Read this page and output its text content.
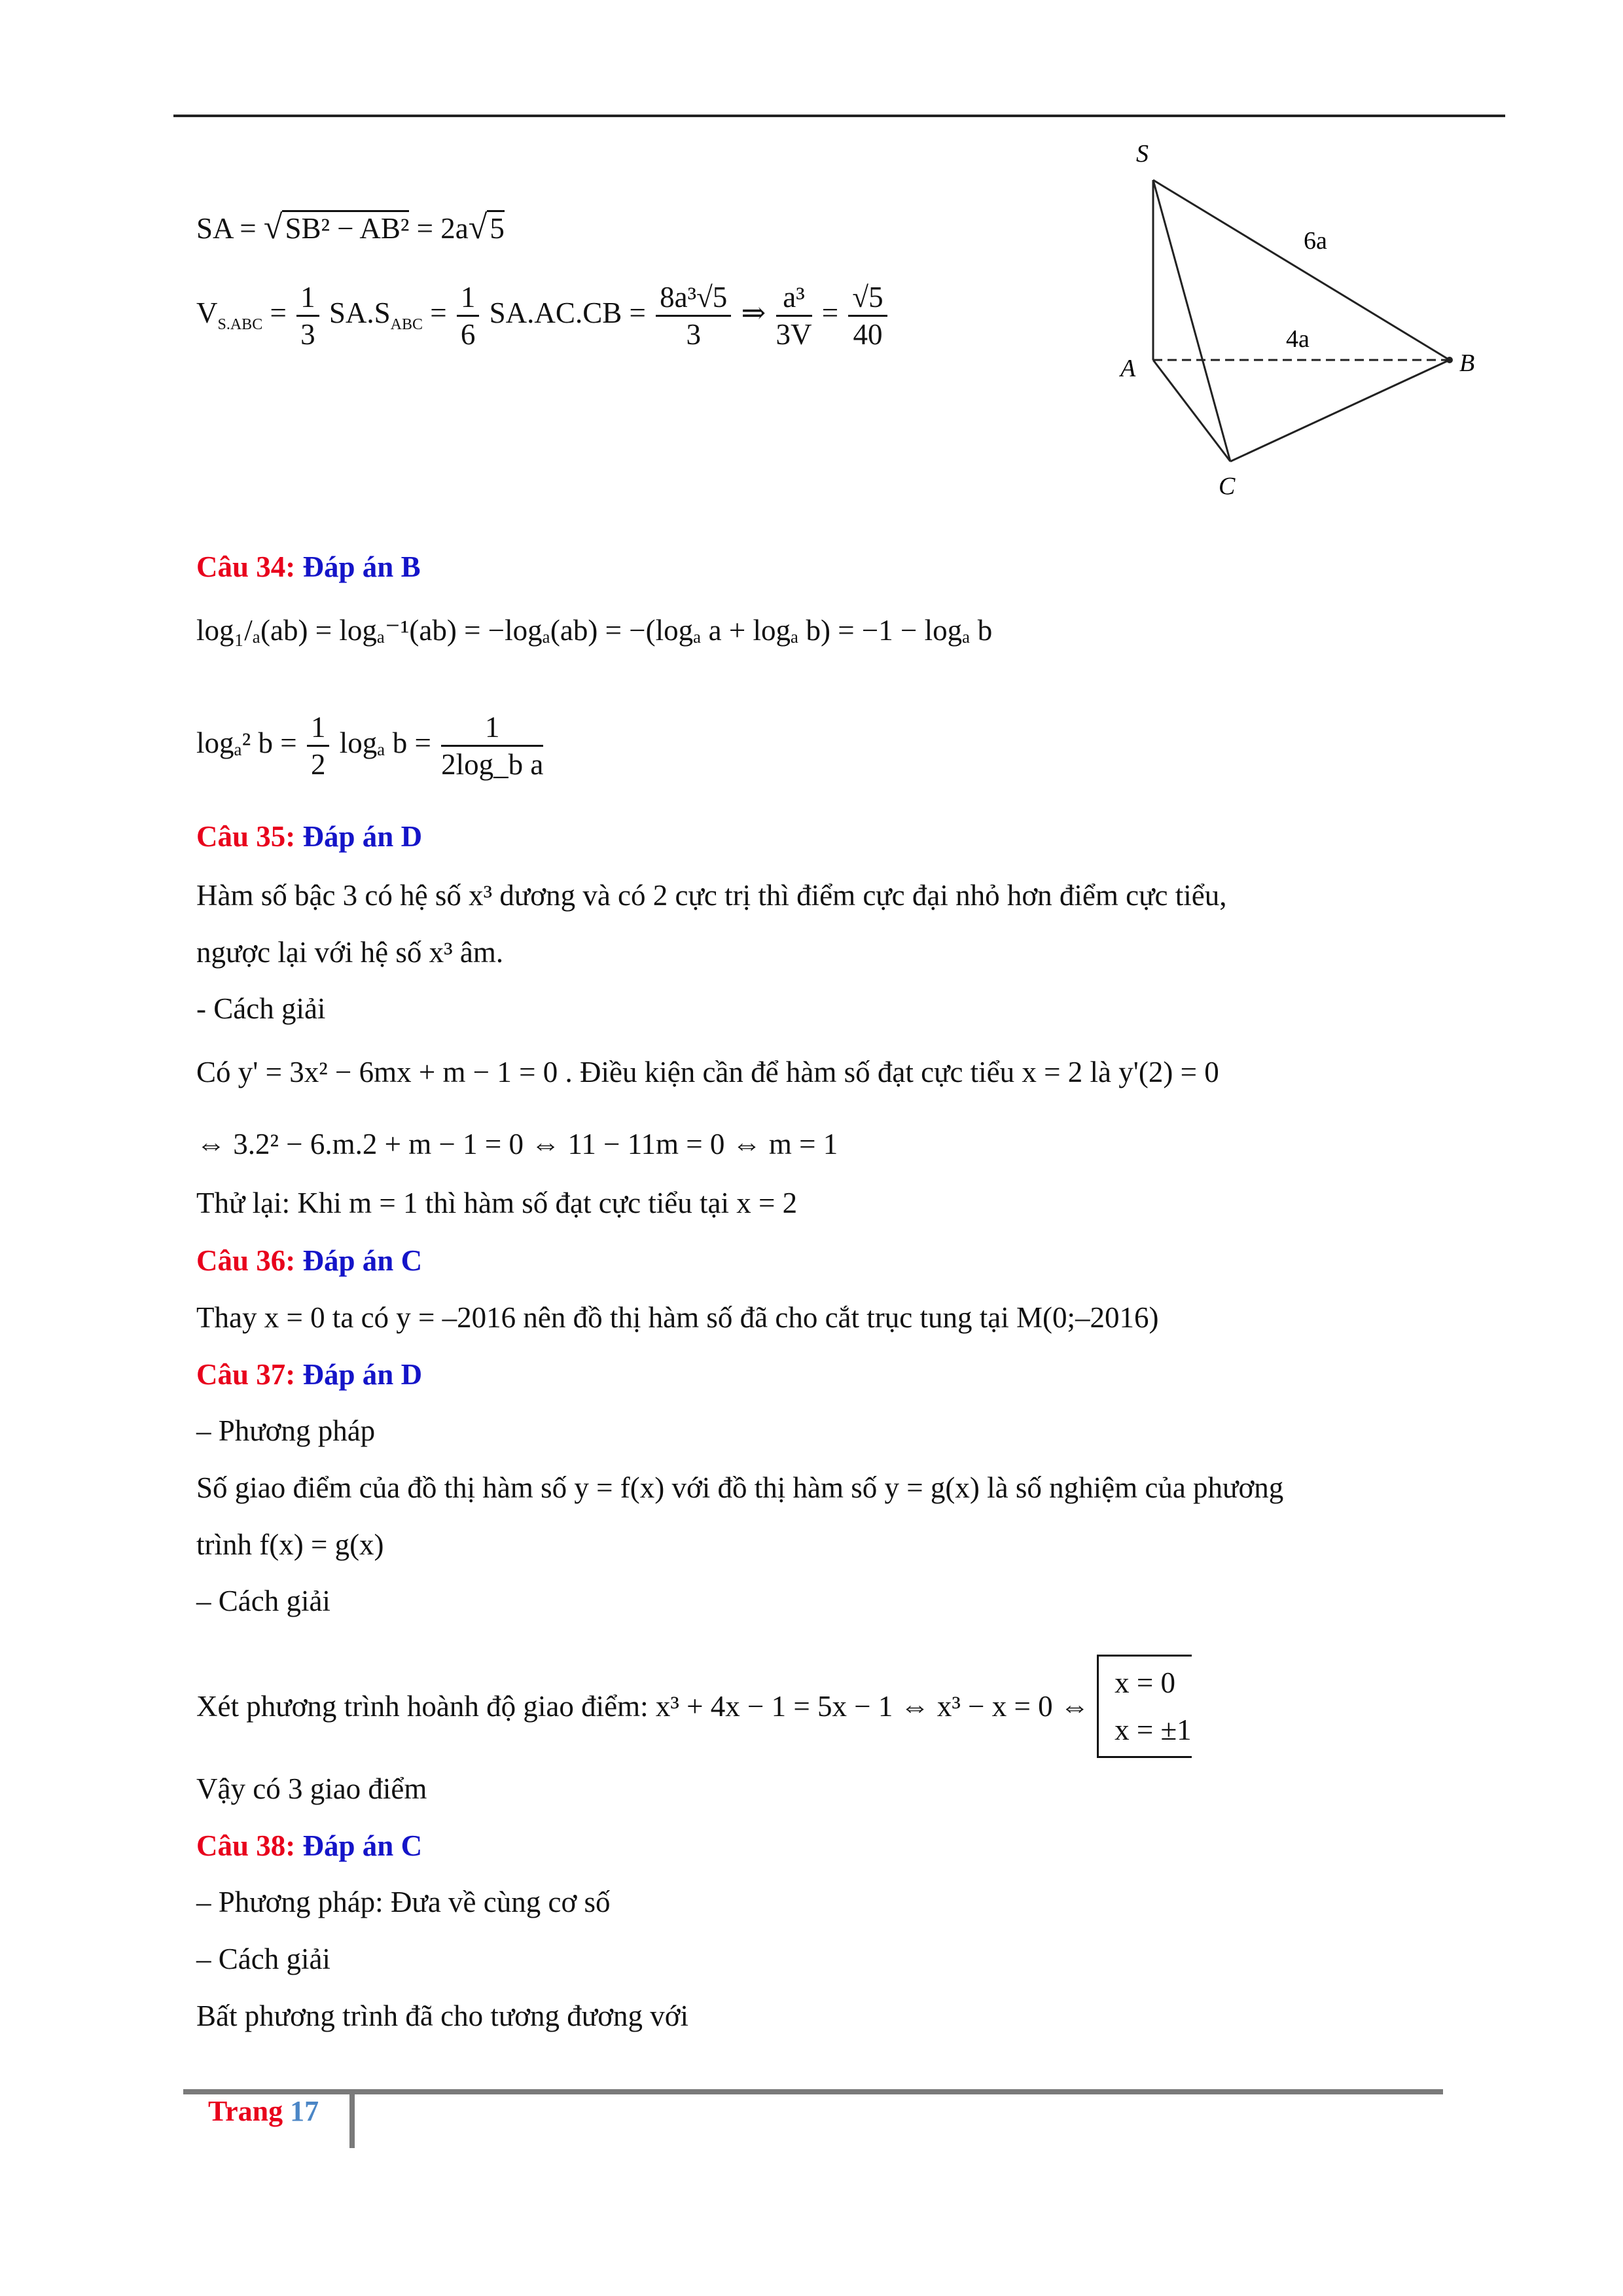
S
A	B
C
6a
4a
SA = √SB² − AB² = 2a√5
$V_{S.ABC} = \frac{1}{3} SA.S_{ABC} = \frac{1}{6} SA.AC.CB = \frac{\text{8a³√5}}{3}$ ⇒ $\frac{\text{a³}}{3V} = \frac{√5}{40}$
Câu 34: Đáp án B
log₁/ₐ(ab) = logₐ⁻¹(ab) = −logₐ(ab) = −(logₐ a + logₐ b) = −1 − logₐ b
logₐ² $b = \frac{1}{2}$ logₐ $b = \frac{1}{\text{2log\_b a}}$
Câu 35: Đáp án D
Hàm số bậc 3 có hệ số x³ dương và có 2 cực trị thì điểm cực đại nhỏ hơn điểm cực tiểu,
ngược lại với hệ số x³ âm.
- Cách giải
Có y' = 3x² − 6mx + m − 1 = 0 . Điều kiện cần để hàm số đạt cực tiểu x = 2 là y'(2) = 0
⇔ 3.2² − 6.m.2 + m − 1 = 0 ⇔ 11 − 11m = 0 ⇔ m = 1
Thử lại: Khi m = 1 thì hàm số đạt cực tiểu tại x = 2
Câu 36: Đáp án C
Thay x = 0 ta có y = –2016 nên đồ thị hàm số đã cho cắt trục tung tại M(0;–2016)
Câu 37: Đáp án D
– Phương pháp
Số giao điểm của đồ thị hàm số y = f(x) với đồ thị hàm số y = g(x) là số nghiệm của phương
trình f(x) = g(x)
– Cách giải
Xét phương trình hoành độ giao điểm: x³ + 4x − 1 = 5x − 1 ⇔ x³ − x = 0 ⇔
x = 0
x = ±1
Vậy có 3 giao điểm
Câu 38: Đáp án C
– Phương pháp: Đưa về cùng cơ số
– Cách giải
Bất phương trình đã cho tương đương với
Trang 17
